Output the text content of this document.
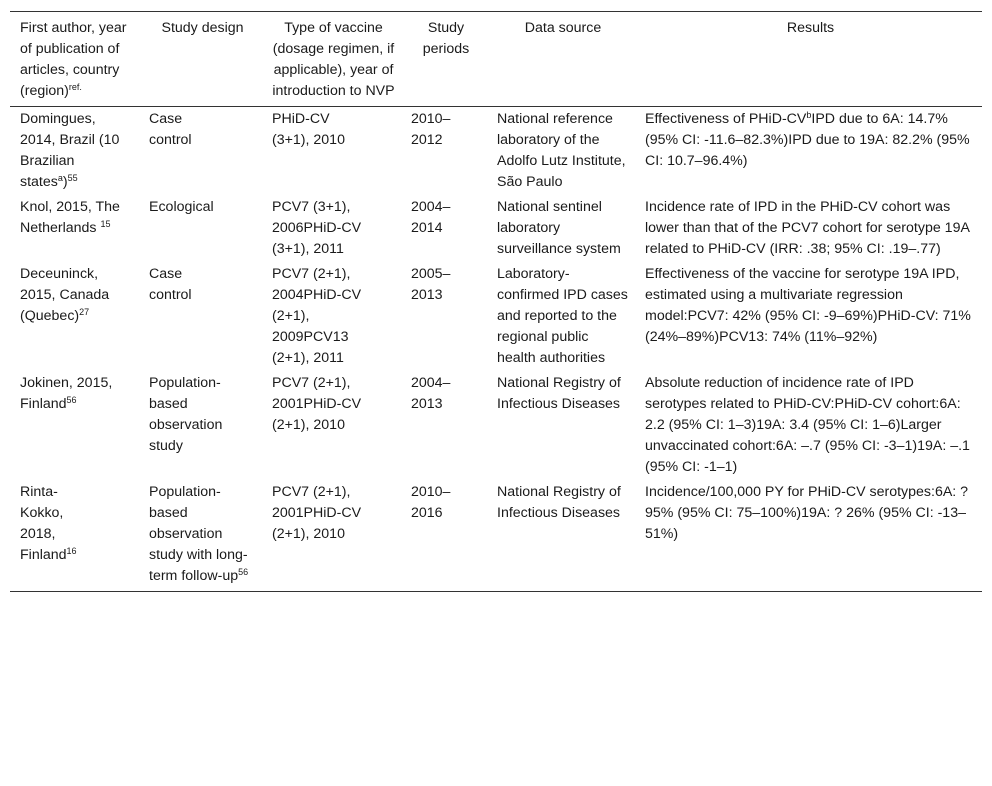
First author, year of publication of articles, country (region)$^{ref.}$	Study design	Type of vaccine (dosage regimen, if applicable), year of introduction to NVP	Study periods	Data source	Results
Domingues, 2014, Brazil (10 Brazilian states$^a$)$^{55}$	Case control	PHiD-CV (3+1), 2010	2010–2012	National reference laboratory of the Adolfo Lutz Institute, São Paulo	Effectiveness of PHiD-$CV^bIPD$ due to 6A: 14.7% (95% CI: -11.6–82.3%)IPD due to 19A: 82.2% (95% CI: 10.7–96.4%)
Knol, 2015, The Netherlands $^{15}$	Ecological	PCV7 (3+1), 2006PHiD-CV (3+1), 2011	2004–2014	National sentinel laboratory surveillance system	Incidence rate of IPD in the PHiD-CV cohort was lower than that of the PCV7 cohort for serotype 19A related to PHiD-CV (IRR: .38; 95% CI: .19–.77)
Deceuninck, 2015, Canada (Quebec)$^{27}$	Case control	PCV7 (2+1), 2004PHiD-CV (2+1), 2009PCV13 (2+1), 2011	2005–2013	Laboratory-confirmed IPD cases and reported to the regional public health authorities	Effectiveness of the vaccine for serotype 19A IPD, estimated using a multivariate regression model:PCV7: 42% (95% CI: -9–69%)PHiD-CV: 71% (24%–89%)PCV13: 74% (11%–92%)
Jokinen, 2015, Finland$^{56}$	Population-based observation study	PCV7 (2+1), 2001PHiD-CV (2+1), 2010	2004–2013	National Registry of Infectious Diseases	Absolute reduction of incidence rate of IPD serotypes related to PHiD-CV:PHiD-CV cohort:6A: 2.2 (95% CI: 1–3)19A: 3.4 (95% CI: 1–6)Larger unvaccinated cohort:6A: –.7 (95% CI: -3–1)19A: –.1 (95% CI: -1–1)
Rinta-Kokko, 2018, Finland$^{16}$	Population-based observation study with long-term follow-$up^{56}$	PCV7 (2+1), 2001PHiD-CV (2+1), 2010	2010–2016	National Registry of Infectious Diseases	Incidence/100,000 PY for PHiD-CV serotypes:6A: ? 95% (95% CI: 75–100%)19A: ? 26% (95% CI: -13–51%)
